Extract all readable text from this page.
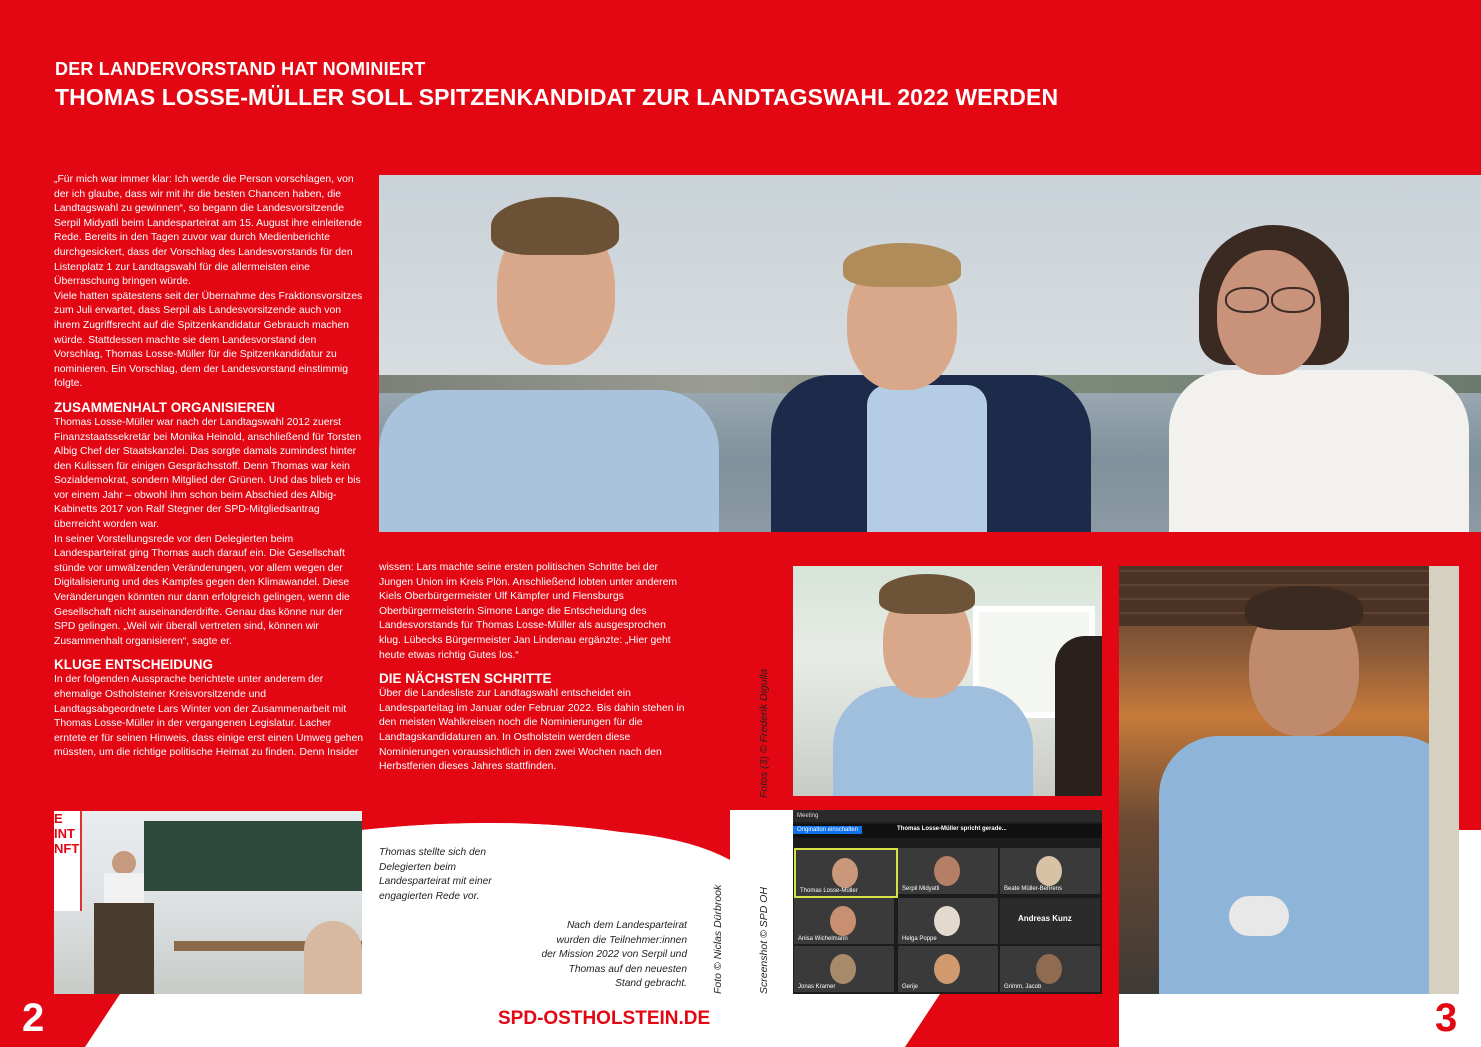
DER LANDERVORSTAND HAT NOMINIERT
THOMAS LOSSE-MÜLLER SOLL SPITZENKANDIDAT ZUR LANDTAGSWAHL 2022 WERDEN

„Für mich war immer klar: Ich werde die Person vorschlagen, von der ich glaube, dass wir mit ihr die besten Chancen haben, die Landtagswahl zu gewinnen“, so begann die Landesvorsitzende Serpil Midyatli beim Landesparteirat am 15. August ihre einleitende Rede. Bereits in den Tagen zuvor war durch Medienberichte durchgesickert, dass der Vorschlag des Landesvorstands für den Listenplatz 1 zur Landtagswahl für die allermeisten eine Überraschung bringen würde.

Viele hatten spätestens seit der Übernahme des Fraktionsvorsitzes zum Juli erwartet, dass Serpil als Landesvorsitzende auch von ihrem Zugriffsrecht auf die Spitzenkandidatur Gebrauch machen würde. Stattdessen machte sie dem Landesvorstand den Vorschlag, Thomas Losse-Müller für die Spitzenkandidatur zu nominieren. Ein Vorschlag, dem der Landesvorstand einstimmig folgte.

ZUSAMMENHALT ORGANISIEREN

Thomas Losse-Müller war nach der Landtagswahl 2012 zuerst Finanzstaatssekretär bei Monika Heinold, anschließend für Torsten Albig Chef der Staatskanzlei. Das sorgte damals zumindest hinter den Kulissen für einigen Gesprächsstoff. Denn Thomas war kein Sozialdemokrat, sondern Mitglied der Grünen. Und das blieb er bis vor einem Jahr – obwohl ihm schon beim Abschied des Albig-Kabinetts 2017 von Ralf Stegner der SPD-Mitgliedsantrag überreicht worden war.

In seiner Vorstellungsrede vor den Delegierten beim Landesparteirat ging Thomas auch darauf ein. Die Gesellschaft stünde vor umwälzenden Veränderungen, vor allem wegen der Digitalisierung und des Kampfes gegen den Klimawandel. Diese Veränderungen könnten nur dann erfolgreich gelingen, wenn die Gesellschaft nicht auseinanderdrifte. Genau das könne nur der SPD gelingen. „Weil wir überall vertreten sind, können wir Zusammenhalt organisieren“, sagte er.

KLUGE ENTSCHEIDUNG

In der folgenden Aussprache berichtete unter anderem der ehemalige Ostholsteiner Kreisvorsitzende und Landtagsabgeordnete Lars Winter von der Zusammenarbeit mit Thomas Losse-Müller in der vergangenen Legislatur. Lacher erntete er für seinen Hinweis, dass einige erst einen Umweg gehen müssten, um die richtige politische Heimat zu finden. Denn Insider

wissen: Lars machte seine ersten politischen Schritte bei der Jungen Union im Kreis Plön. Anschließend lobten unter anderem Kiels Oberbürgermeister Ulf Kämpfer und Flensburgs Oberbürgermeisterin Simone Lange die Entscheidung des Landesvorstands für Thomas Losse-Müller als ausgesprochen klug. Lübecks Bürgermeister Jan Lindenau ergänzte: „Hier geht heute etwas richtig Gutes los.“

DIE NÄCHSTEN SCHRITTE

Über die Landesliste zur Landtagswahl entscheidet ein Landesparteitag im Januar oder Februar 2022. Bis dahin stehen in den meisten Wahlkreisen noch die Nominierungen für die Landtagskandidaturen an. In Ostholstein werden diese Nominierungen voraussichtlich in den zwei Wochen nach den Herbstferien dieses Jahres stattfinden.

E
INT
NFT
Meeting
Originalton einschalten	Thomas Losse-Müller spricht gerade...
Thomas Losse-Müller	Serpil Midyatli	Beate Müller-Behrens
Anisa Wichelmann	Helga Poppe
Andreas Kunz
Jonas Kramer	Gerije	Grimm, Jacob
Thomas stellte sich den Delegierten beim Landesparteirat mit einer engagierten Rede vor.
Nach dem Landesparteirat wurden die Teilnehmer:innen der Mission 2022 von Serpil und Thomas auf den neuesten Stand gebracht.
Fotos (3) © Frederik Digulla
Foto © Niclas Dürbrook	Screenshot © SPD OH
2	3
SPD-OSTHOLSTEIN.DE
